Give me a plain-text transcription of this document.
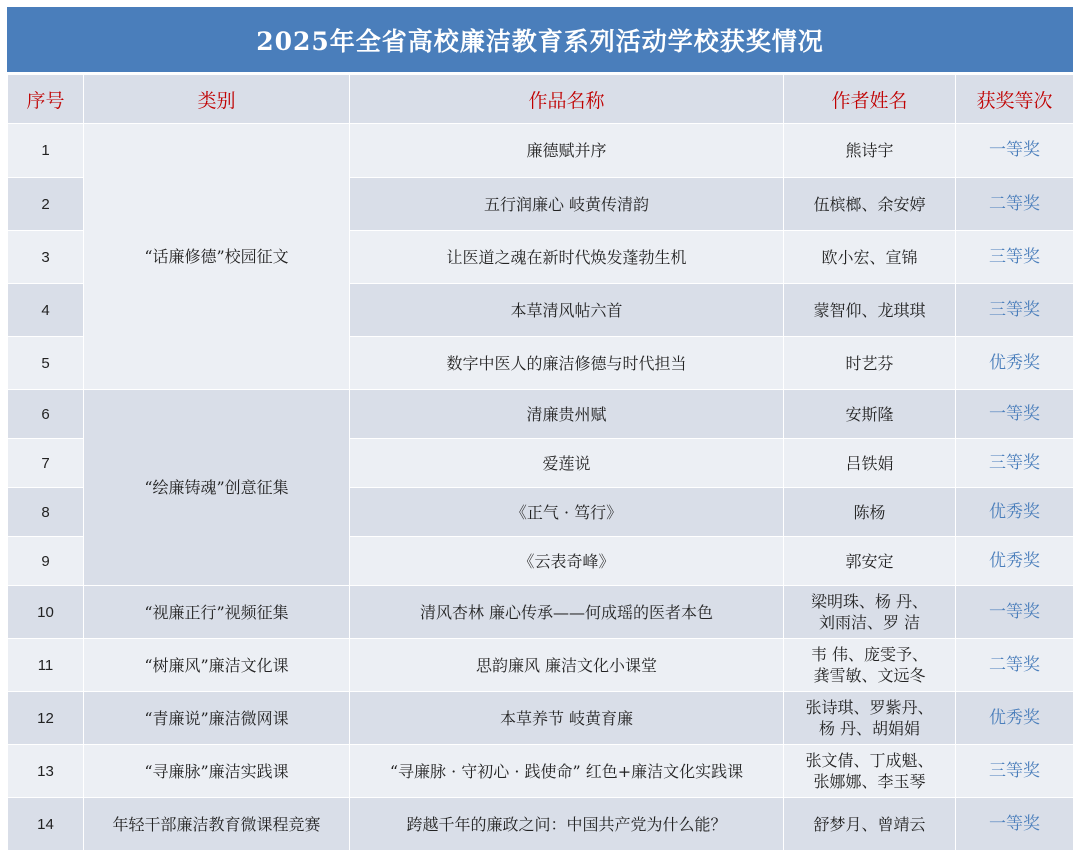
2025年全省高校廉洁教育系列活动学校获奖情况
序号	类别	作品名称	作者姓名	获奖等次
1	“话廉修德”校园征文	廉德赋并序	熊诗宇	一等奖
2		五行润廉心 岐黄传清韵	伍槟榔、余安婷	二等奖
3		让医道之魂在新时代焕发蓬勃生机	欧小宏、宣锦	三等奖
4		本草清风帖六首	蒙智仰、龙琪琪	三等奖
5		数字中医人的廉洁修德与时代担当	时艺芬	优秀奖
6	“绘廉铸魂”创意征集	清廉贵州赋	安斯隆	一等奖
7		爱莲说	吕铁娟	三等奖
8		《正气 · 笃行》	陈杨	优秀奖
9		《云表奇峰》	郭安定	优秀奖
10	“视廉正行”视频征集	清风杏林 廉心传承——何成瑶的医者本色	梁明珠、杨 丹、
刘雨洁、罗 洁	一等奖
11	“树廉风”廉洁文化课	思韵廉风 廉洁文化小课堂	韦 伟、庞雯予、
龚雪敏、文远冬	二等奖
12	“青廉说”廉洁微网课	本草养节 岐黄育廉	张诗琪、罗紫丹、
杨 丹、胡娟娟	优秀奖
13	“寻廉脉”廉洁实践课	“寻廉脉 · 守初心 · 践使命” 红色+廉洁文化实践课	张文倩、丁成魁、
张娜娜、李玉琴	三等奖
14	年轻干部廉洁教育微课程竞赛	跨越千年的廉政之问：中国共产党为什么能？	舒梦月、曾靖云	一等奖
